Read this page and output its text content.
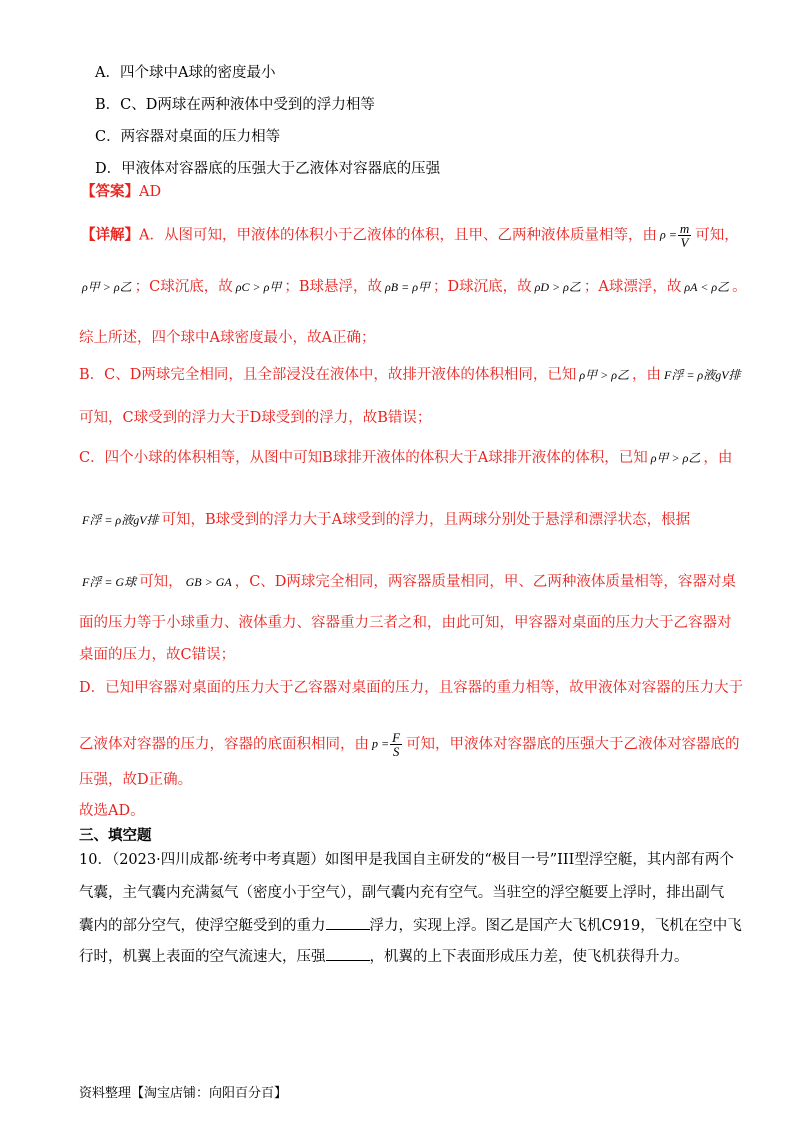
A．四个球中A球的密度最小
B．C、D两球在两种液体中受到的浮力相等
C．两容器对桌面的压力相等
D．甲液体对容器底的压强大于乙液体对容器底的压强
【答案】AD
【详解】A．从图可知，甲液体的体积小于乙液体的体积，且甲、乙两种液体质量相等，由 $\rho = \frac{m}{V}$ 可知，
ρ甲 > ρ乙 ；C球沉底，故 ρC > ρ甲 ；B球悬浮，故 ρB = ρ甲 ；D球沉底，故 ρD > ρ乙 ；A球漂浮，故 ρA < ρ乙 。
综上所述，四个球中A球密度最小，故A正确；
B．C、D两球完全相同，且全部浸没在液体中，故排开液体的体积相同，已知 ρ甲 > ρ乙 ，由 F浮 = ρ液gV排
可知，C球受到的浮力大于D球受到的浮力，故B错误；
C．四个小球的体积相等，从图中可知B球排开液体的体积大于A球排开液体的体积，已知 ρ甲 > ρ乙 ，由
F浮 = ρ液gV排 可知，B球受到的浮力大于A球受到的浮力，且两球分别处于悬浮和漂浮状态，根据
F浮 = G球 可知， GB > GA ，C、D两球完全相同，两容器质量相同，甲、乙两种液体质量相等，容器对桌
面的压力等于小球重力、液体重力、容器重力三者之和，由此可知，甲容器对桌面的压力大于乙容器对
桌面的压力，故C错误；
D．已知甲容器对桌面的压力大于乙容器对桌面的压力，且容器的重力相等，故甲液体对容器的压力大于
乙液体对容器的压力，容器的底面积相同，由 $p = \frac{F}{S}$ 可知，甲液体对容器底的压强大于乙液体对容器底的
压强，故D正确。
故选AD。
三、填空题
10．（2023·四川成都·统考中考真题）如图甲是我国自主研发的“极目一号”III型浮空艇，其内部有两个
气囊，主气囊内充满氦气（密度小于空气），副气囊内充有空气。当驻空的浮空艇要上浮时，排出副气
囊内的部分空气，使浮空艇受到的重力	浮力，实现上浮。图乙是国产大飞机C919，飞机在空中飞
行时，机翼上表面的空气流速大，压强	，机翼的上下表面形成压力差，使飞机获得升力。
资料整理【淘宝店铺：向阳百分百】
